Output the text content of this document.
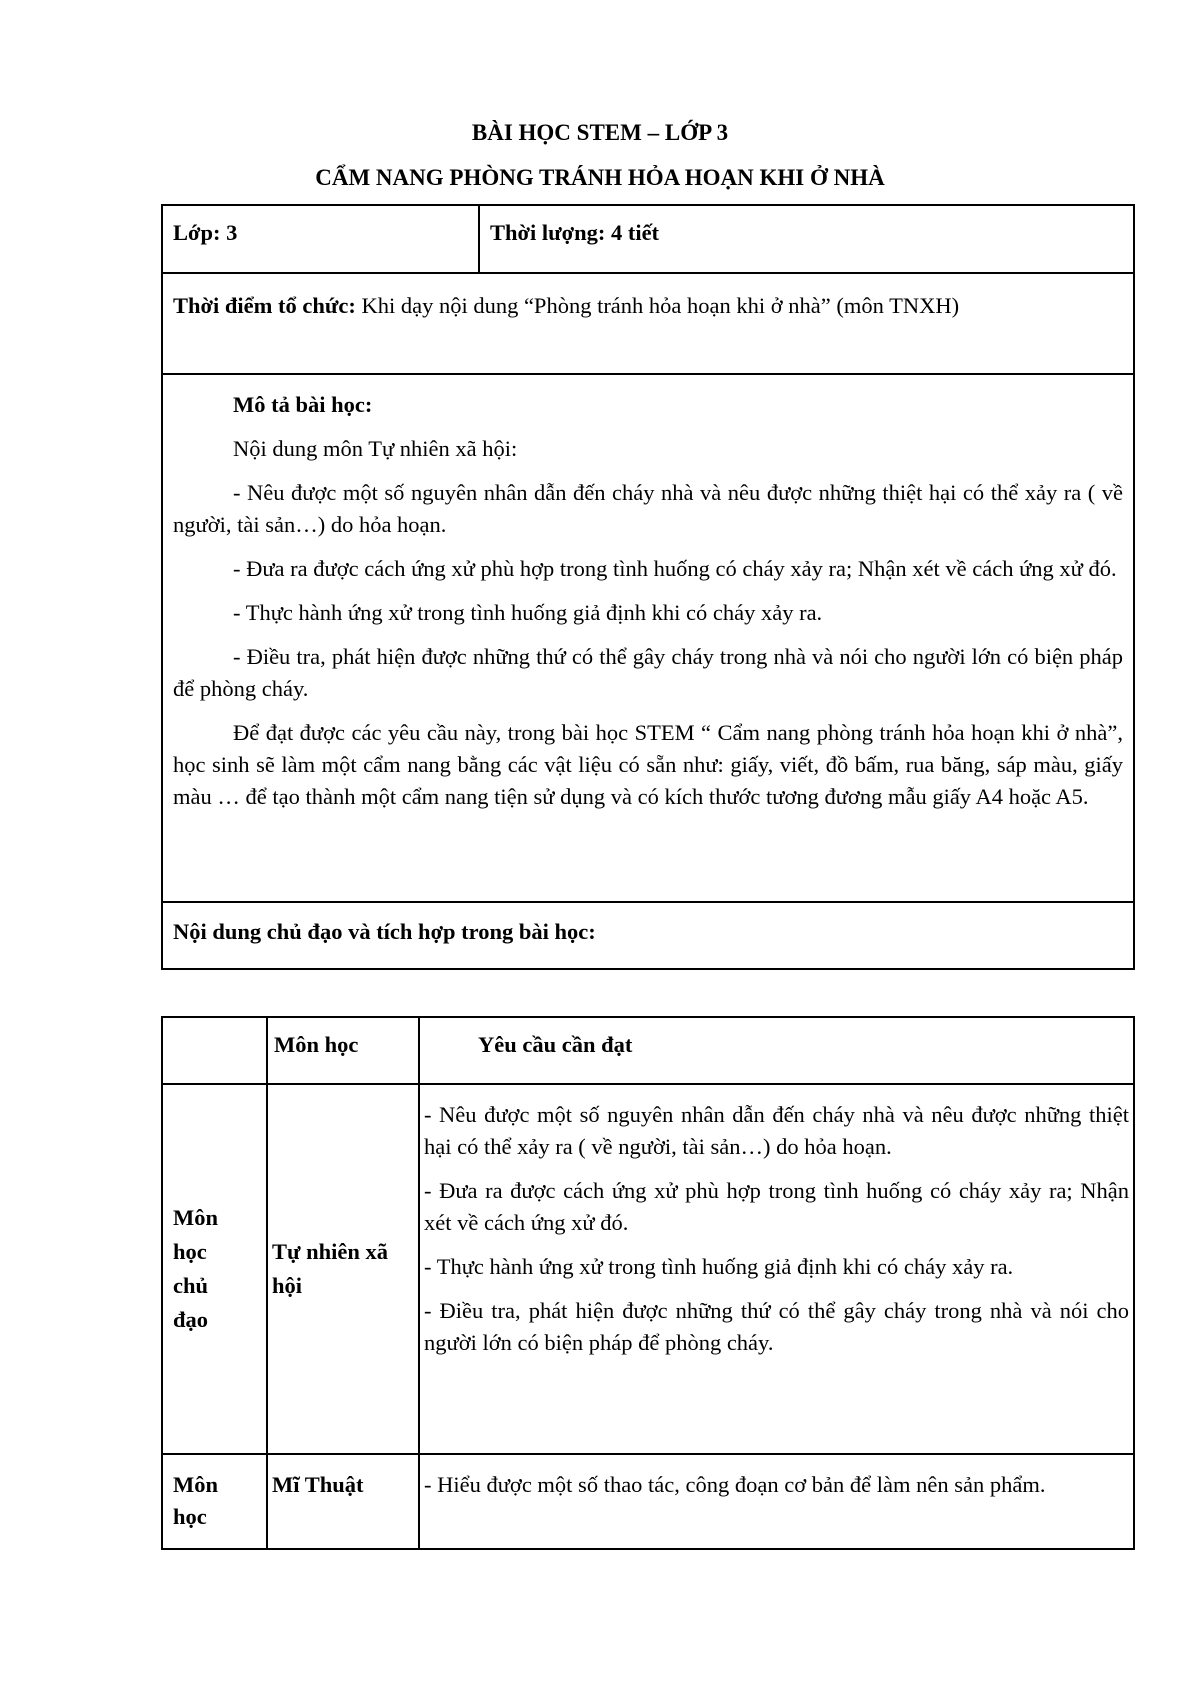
BÀI HỌC STEM – LỚP 3
CẨM NANG PHÒNG TRÁNH HỎA HOẠN KHI Ở NHÀ
Lớp: 3	Thời lượng: 4 tiết

Thời điểm tổ chức: Khi dạy nội dung “Phòng tránh hỏa hoạn khi ở nhà” (môn TNXH)

Mô tả bài học:

Nội dung môn Tự nhiên xã hội:

- Nêu được một số nguyên nhân dẫn đến cháy nhà và nêu được những thiệt hại có thể xảy ra ( về người, tài sản…) do hỏa hoạn.

- Đưa ra được cách ứng xử phù hợp trong tình huống có cháy xảy ra; Nhận xét về cách ứng xử đó.

- Thực hành ứng xử trong tình huống giả định khi có cháy xảy ra.

- Điều tra, phát hiện được những thứ có thể gây cháy trong nhà và nói cho người lớn có biện pháp để phòng cháy.

Để đạt được các yêu cầu này, trong bài học STEM “ Cẩm nang phòng tránh hỏa hoạn khi ở nhà”, học sinh sẽ làm một cẩm nang bằng các vật liệu có sẵn như: giấy, viết, đồ bấm, rua băng, sáp màu, giấy màu … để tạo thành một cẩm nang tiện sử dụng và có kích thước tương đương mẫu giấy A4 hoặc A5.

Nội dung chủ đạo và tích hợp trong bài học:
	Môn học	Yêu cầu cần đạt

Môn học chủ đạo	Tự nhiên xã hội	- Nêu được một số nguyên nhân dẫn đến cháy nhà và nêu được những thiệt hại có thể xảy ra ( về người, tài sản…) do hỏa hoạn.

- Đưa ra được cách ứng xử phù hợp trong tình huống có cháy xảy ra; Nhận xét về cách ứng xử đó.

- Thực hành ứng xử trong tình huống giả định khi có cháy xảy ra.

- Điều tra, phát hiện được những thứ có thể gây cháy trong nhà và nói cho người lớn có biện pháp để phòng cháy.

Môn học	Mĩ Thuật	- Hiểu được một số thao tác, công đoạn cơ bản để làm nên sản phẩm.
